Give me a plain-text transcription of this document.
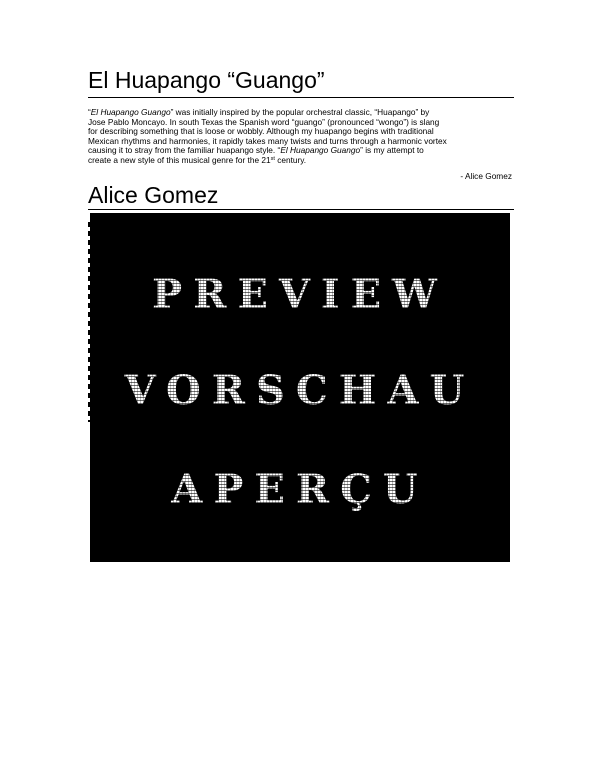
El Huapango “Guango”

“El Huapango Guango” was initially inspired by the popular orchestral classic, “Huapango” by
Jose Pablo Moncayo. In south Texas the Spanish word “guango” (pronounced “wongo”) is slang
for describing something that is loose or wobbly. Although my huapango begins with traditional
Mexican rhythms and harmonies, it rapidly takes many twists and turns through a harmonic vortex
causing it to stray from the familiar huapango style. “El Huapango Guango” is my attempt to
create a new style of this musical genre for the 21st century.

- Alice Gomez
Alice Gomez
PREVIEW
VORSCHAU
APERÇU
